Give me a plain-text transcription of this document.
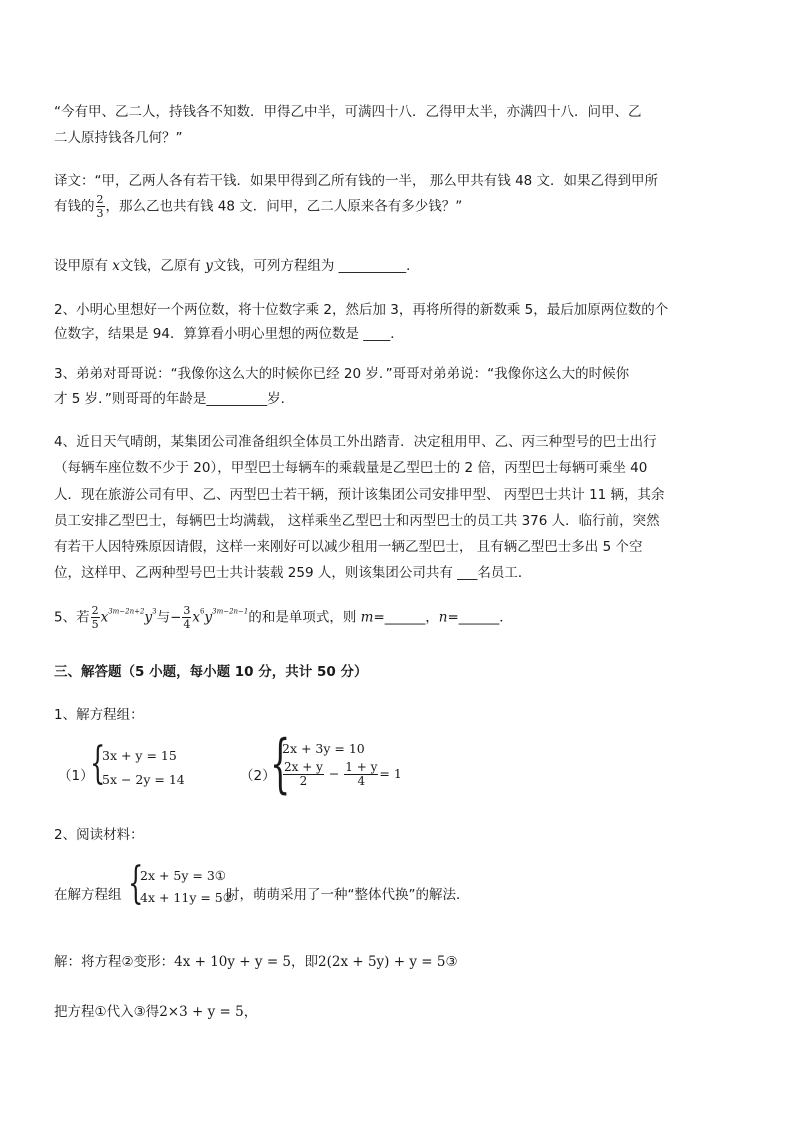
“今有甲、乙二人，持钱各不知数．甲得乙中半，可满四十八．乙得甲太半，亦满四十八．问甲、乙
二人原持钱各几何？”
译文：“甲，乙两人各有若干钱．如果甲得到乙所有钱的一半， 那么甲共有钱 48 文．如果乙得到甲所
有钱的 $\frac{2}{3}$ ，那么乙也共有钱 48 文．问甲，乙二人原来各有多少钱？”
设甲原有 x文钱，乙原有 y文钱，可列方程组为 __________．
2、小明心里想好一个两位数，将十位数字乘 2，然后加 3，再将所得的新数乘 5，最后加原两位数的个
位数字，结果是 94．算算看小明心里想的两位数是 ____．
3、弟弟对哥哥说：“我像你这么大的时候你已经 20 岁．”哥哥对弟弟说：“我像你这么大的时候你
才 5 岁．”则哥哥的年龄是_________岁．
4、近日天气晴朗，某集团公司准备组织全体员工外出踏青．决定租用甲、乙、丙三种型号的巴士出行
（每辆车座位数不少于 20），甲型巴士每辆车的乘载量是乙型巴士的 2 倍，丙型巴士每辆可乘坐 40
人．现在旅游公司有甲、乙、丙型巴士若干辆，预计该集团公司安排甲型、 丙型巴士共计 11 辆，其余
员工安排乙型巴士，每辆巴士均满载， 这样乘坐乙型巴士和丙型巴士的员工共 376 人．临行前，突然
有若干人因特殊原因请假，这样一来刚好可以减少租用一辆乙型巴士， 且有辆乙型巴士多出 5 个空
位，这样甲、乙两种型号巴士共计装载 259 人，则该集团公司共有 ___名员工．
5、若 $\frac{2}{5} x^{3m-2n+2}y^3$与− $\frac{3}{4} x^6y^{3m-2n-1}$的和是单项式，则 m=______，n=______．
三、解答题（5 小题，每小题 10 分，共计 50 分）
1、解方程组：
（1）
{
3x + y = 15
5x − 2y = 14	（2）
{
2x + 3y = 10
$\frac{2x + y}{2} - \frac{1 + y}{4} = 1$
2、阅读材料：
在解方程组 {
2x + 5y = 3①
4x + 11y = 5②
时，萌萌采用了一种“整体代换”的解法．
解：将方程②变形：4x + 10y + y = 5，即2(2x + 5y) + y = 5③
把方程①代入③得2×3 + y = 5，
